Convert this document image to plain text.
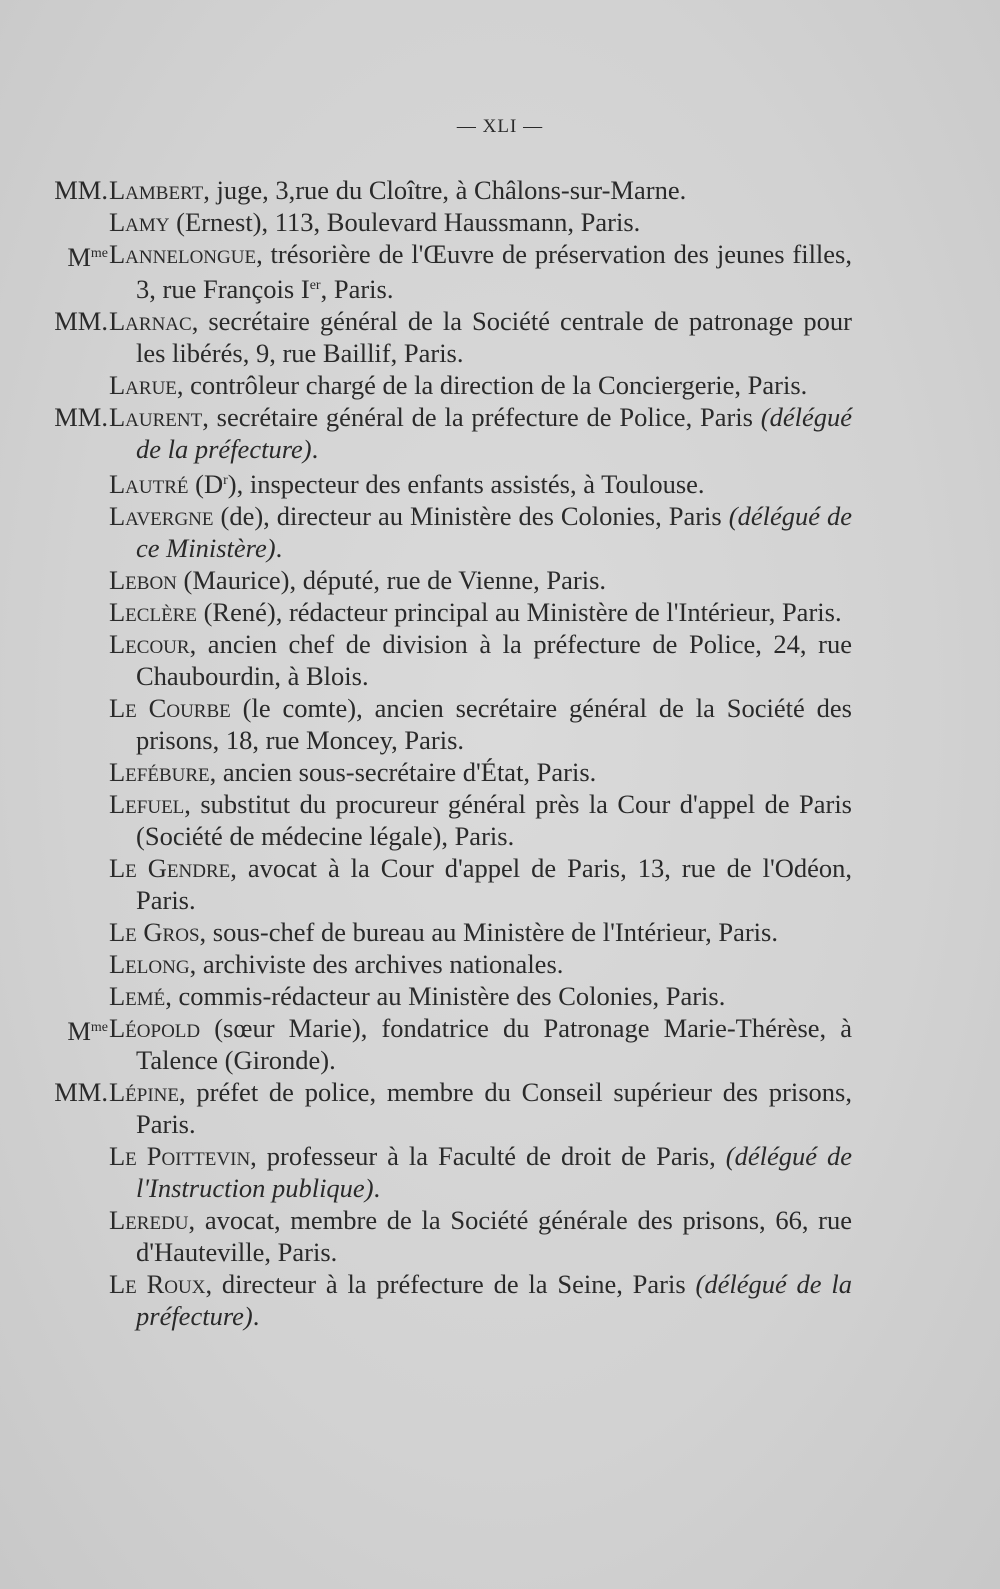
— XLI —
MM. Lambert, juge, 3,rue du Cloître, à Châlons-sur-Marne.
Lamy (Ernest), 113, Boulevard Haussmann, Paris.
$M^{me}$ Lannelongue, trésorière de l'Œuvre de préservation des jeunes filles, 3, rue François Ier, Paris.
MM. Larnac, secrétaire général de la Société centrale de patronage pour les libérés, 9, rue Baillif, Paris.
Larue, contrôleur chargé de la direction de la Conciergerie, Paris.
MM. Laurent, secrétaire général de la préfecture de Police, Paris (délégué de la préfecture).
Lautré $(D^r)$, inspecteur des enfants assistés, à Toulouse.
Lavergne (de), directeur au Ministère des Colonies, Paris (délégué de ce Ministère).
Lebon (Maurice), député, rue de Vienne, Paris.
Leclère (René), rédacteur principal au Ministère de l'Intérieur, Paris.
Lecour, ancien chef de division à la préfecture de Police, 24, rue Chaubourdin, à Blois.
Le Courbe (le comte), ancien secrétaire général de la Société des prisons, 18, rue Moncey, Paris.
Lefébure, ancien sous-secrétaire d'État, Paris.
Lefuel, substitut du procureur général près la Cour d'appel de Paris (Société de médecine légale), Paris.
Le Gendre, avocat à la Cour d'appel de Paris, 13, rue de l'Odéon, Paris.
Le Gros, sous-chef de bureau au Ministère de l'Intérieur, Paris.
Lelong, archiviste des archives nationales.
Lemé, commis-rédacteur au Ministère des Colonies, Paris.
$M^{me}$ Léopold (sœur Marie), fondatrice du Patronage Marie-Thérèse, à Talence (Gironde).
MM. Lépine, préfet de police, membre du Conseil supérieur des prisons, Paris.
Le Poittevin, professeur à la Faculté de droit de Paris, (délégué de l'Instruction publique).
Leredu, avocat, membre de la Société générale des prisons, 66, rue d'Hauteville, Paris.
Le Roux, directeur à la préfecture de la Seine, Paris (délégué de la préfecture).
